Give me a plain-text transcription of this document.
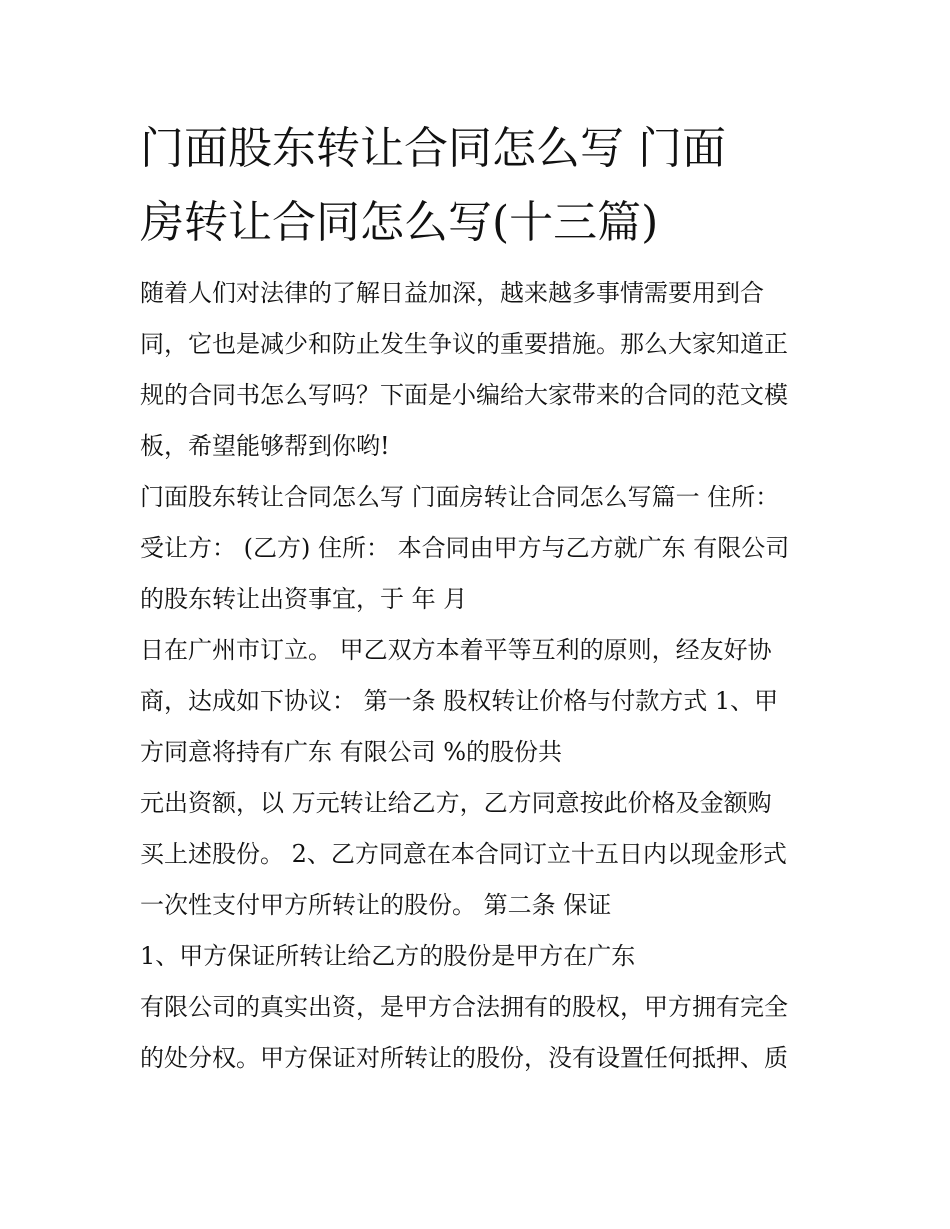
门面股东转让合同怎么写 门面
房转让合同怎么写(十三篇)
随着人们对法律的了解日益加深，越来越多事情需要用到合
同，它也是减少和防止发生争议的重要措施。那么大家知道正
规的合同书怎么写吗？下面是小编给大家带来的合同的范文模
板，希望能够帮到你哟!
门面股东转让合同怎么写 门面房转让合同怎么写篇一 住所：
受让方： (乙方) 住所： 本合同由甲方与乙方就广东 有限公司
的股东转让出资事宜，于 年 月
日在广州市订立。 甲乙双方本着平等互利的原则，经友好协
商，达成如下协议： 第一条 股权转让价格与付款方式 1、甲
方同意将持有广东 有限公司 %的股份共
元出资额，以 万元转让给乙方，乙方同意按此价格及金额购
买上述股份。 2、乙方同意在本合同订立十五日内以现金形式
一次性支付甲方所转让的股份。 第二条 保证
1、甲方保证所转让给乙方的股份是甲方在广东
有限公司的真实出资，是甲方合法拥有的股权，甲方拥有完全
的处分权。甲方保证对所转让的股份，没有设置任何抵押、质
